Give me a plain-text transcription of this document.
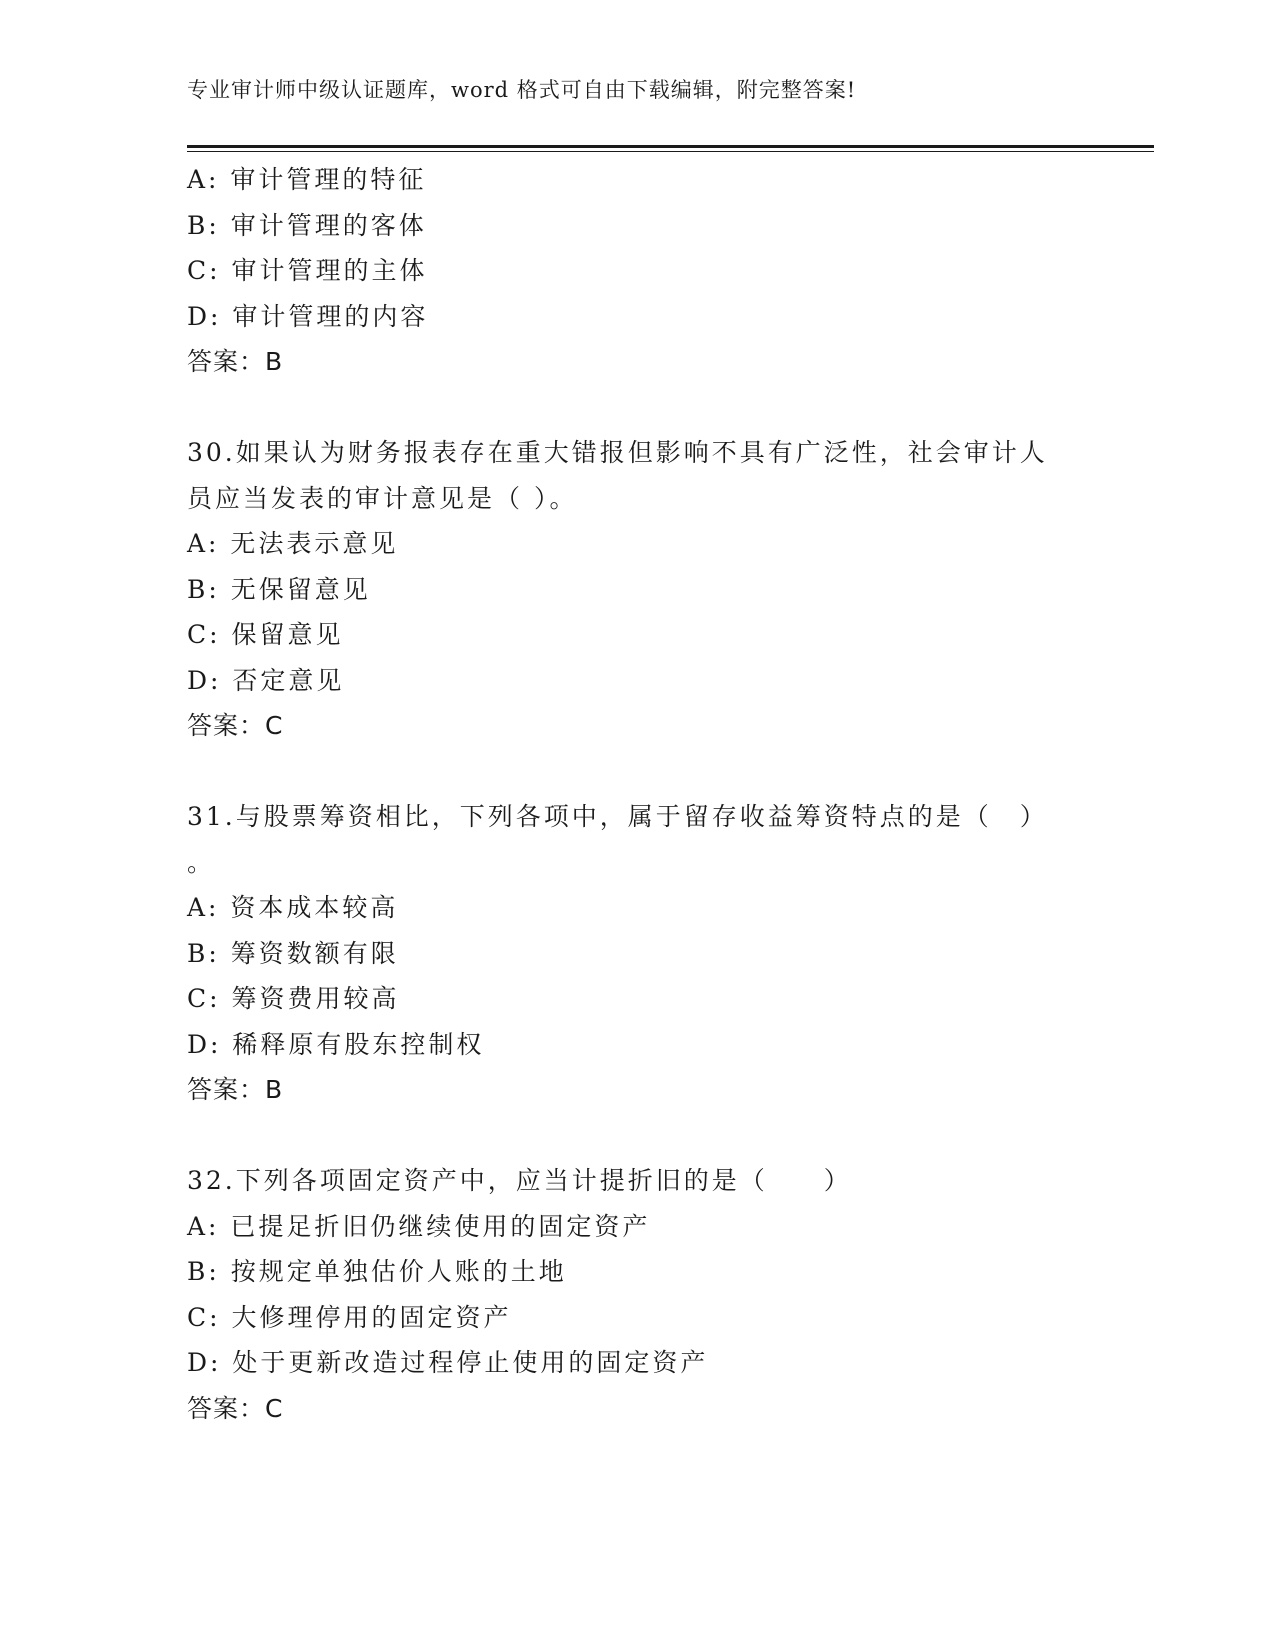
专业审计师中级认证题库，word 格式可自由下载编辑，附完整答案!
A: 审计管理的特征
B: 审计管理的客体
C: 审计管理的主体
D: 审计管理的内容
答案：B
30.如果认为财务报表存在重大错报但影响不具有广泛性，社会审计人
员应当发表的审计意见是（ ）。
A: 无法表示意见
B: 无保留意见
C: 保留意见
D: 否定意见
答案：C
31.与股票筹资相比，下列各项中，属于留存收益筹资特点的是（　）
。
A: 资本成本较高
B: 筹资数额有限
C: 筹资费用较高
D: 稀释原有股东控制权
答案：B
32.下列各项固定资产中，应当计提折旧的是（　　）
A: 已提足折旧仍继续使用的固定资产
B: 按规定单独估价人账的土地
C: 大修理停用的固定资产
D: 处于更新改造过程停止使用的固定资产
答案：C
